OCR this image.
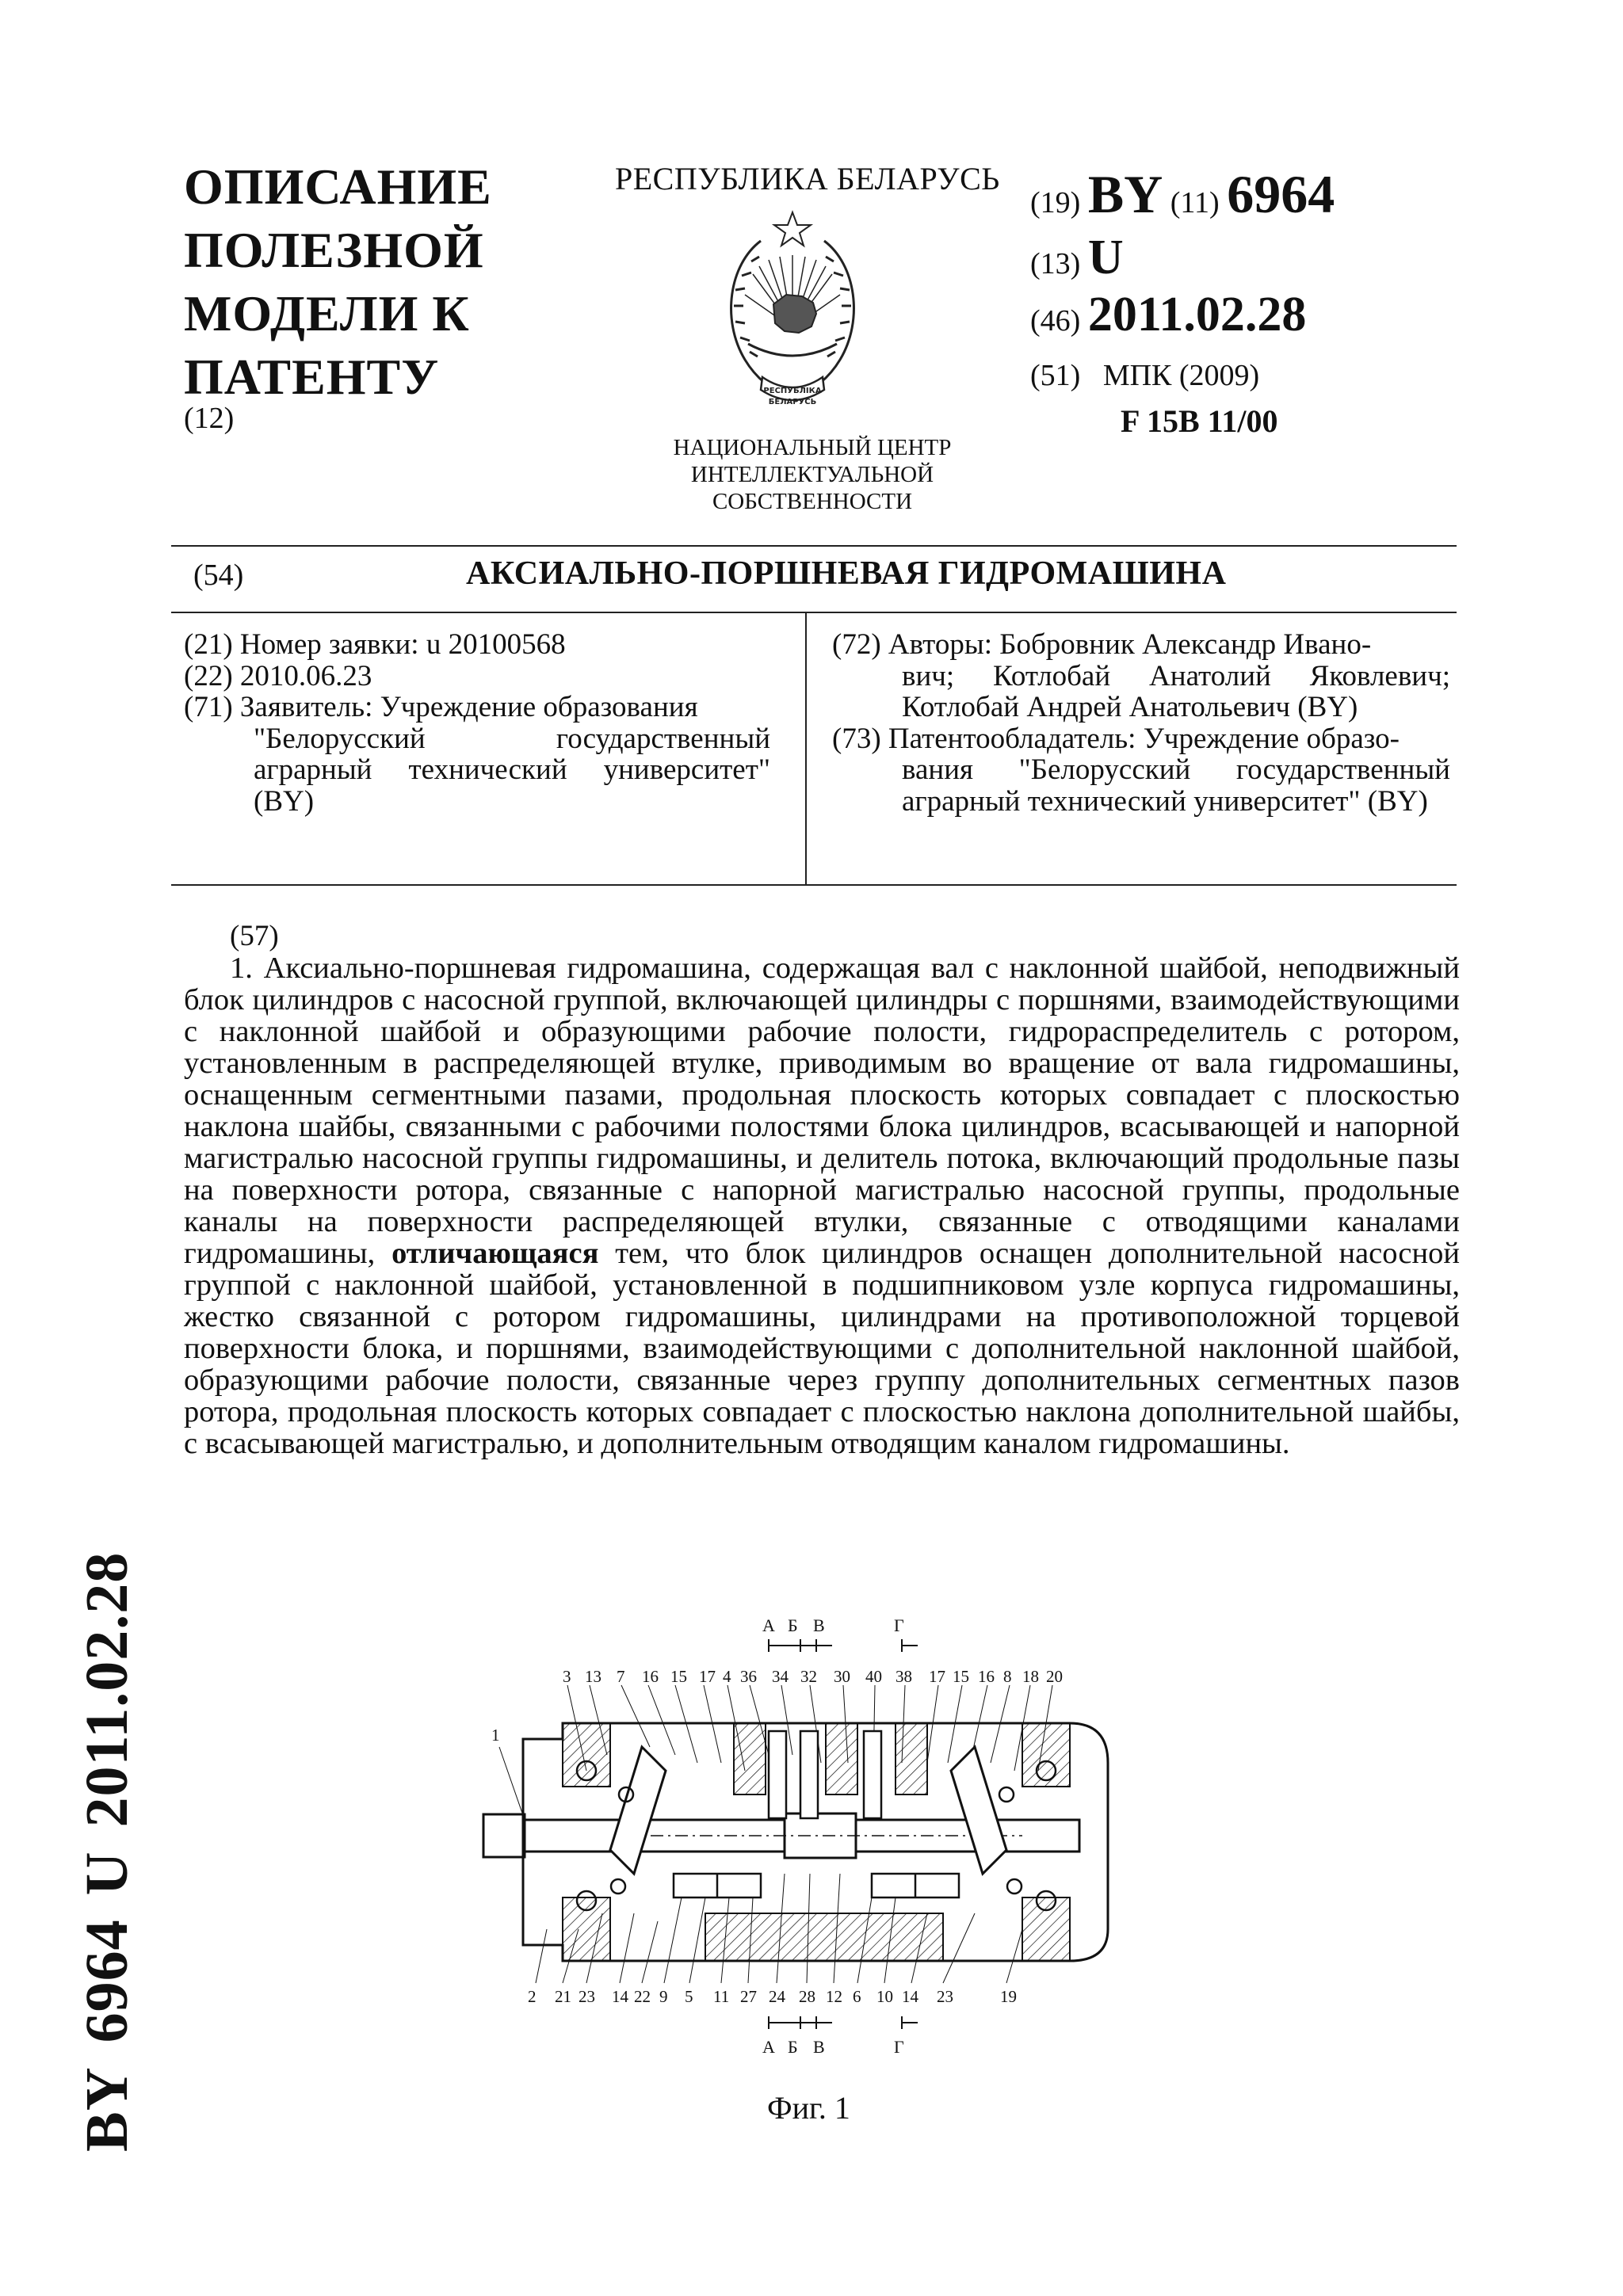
ОПИСАНИЕ
ПОЛЕЗНОЙ
МОДЕЛИ К
ПАТЕНТУ
(12)
РЕСПУБЛИКА БЕЛАРУСЬ
РЕСПУБЛІКА
БЕЛАРУСЬ
НАЦИОНАЛЬНЫЙ ЦЕНТР
ИНТЕЛЛЕКТУАЛЬНОЙ
СОБСТВЕННОСТИ
(19) BY (11) 6964
(13) U
(46) 2011.02.28
(51) МПК (2009)
F 15B 11/00
(54)	АКСИАЛЬНО-ПОРШНЕВАЯ ГИДРОМАШИНА
(21) Номер заявки: u 20100568
(22) 2010.06.23
(71) Заявитель: Учреждение образования
"Белорусский государственный аграрный технический университет" (BY)
(72) Авторы: Бобровник Александр Ивано-
вич; Котлобай Анатолий Яковлевич; Котлобай Андрей Анатольевич (BY)
(73) Патентообладатель: Учреждение образо-
вания "Белорусский государственный аграрный технический университет" (BY)
(57)

1. Аксиально-поршневая гидромашина, содержащая вал с наклонной шайбой, неподвижный блок цилиндров с насосной группой, включающей цилиндры с поршнями, взаимодействующими с наклонной шайбой и образующими рабочие полости, гидрораспределитель с ротором, установленным в распределяющей втулке, приводимым во вращение от вала гидромашины, оснащенным сегментными пазами, продольная плоскость которых совпадает с плоскостью наклона шайбы, связанными с рабочими полостями блока цилиндров, всасывающей и напорной магистралью насосной группы гидромашины, и делитель потока, включающий продольные пазы на поверхности ротора, связанные с напорной магистралью насосной группы, продольные каналы на поверхности распределяющей втулки, связанные с отводящими каналами гидромашины, отличающаяся тем, что блок цилиндров оснащен дополнительной насосной группой с наклонной шайбой, установленной в подшипниковом узле корпуса гидромашины, жестко связанной с ротором гидромашины, цилиндрами на противоположной торцевой поверхности блока, и поршнями, взаимодействующими с дополнительной наклонной шайбой, образующими рабочие полости, связанные через группу дополнительных сегментных пазов ротора, продольная плоскость которых совпадает с плоскостью наклона дополнительной шайбы, с всасывающей магистралью, и дополнительным отводящим каналом гидромашины.

А Б В	Г
3 13 7 16 15 17 4 36 34 32 30 40 38 17 15 16 8 18 20
1
2 21 23 14 22 9 5 11 27 24 28 12 6 10 14 23	19
А Б В	Г
Фиг. 1
BY6964U2011.02.28
